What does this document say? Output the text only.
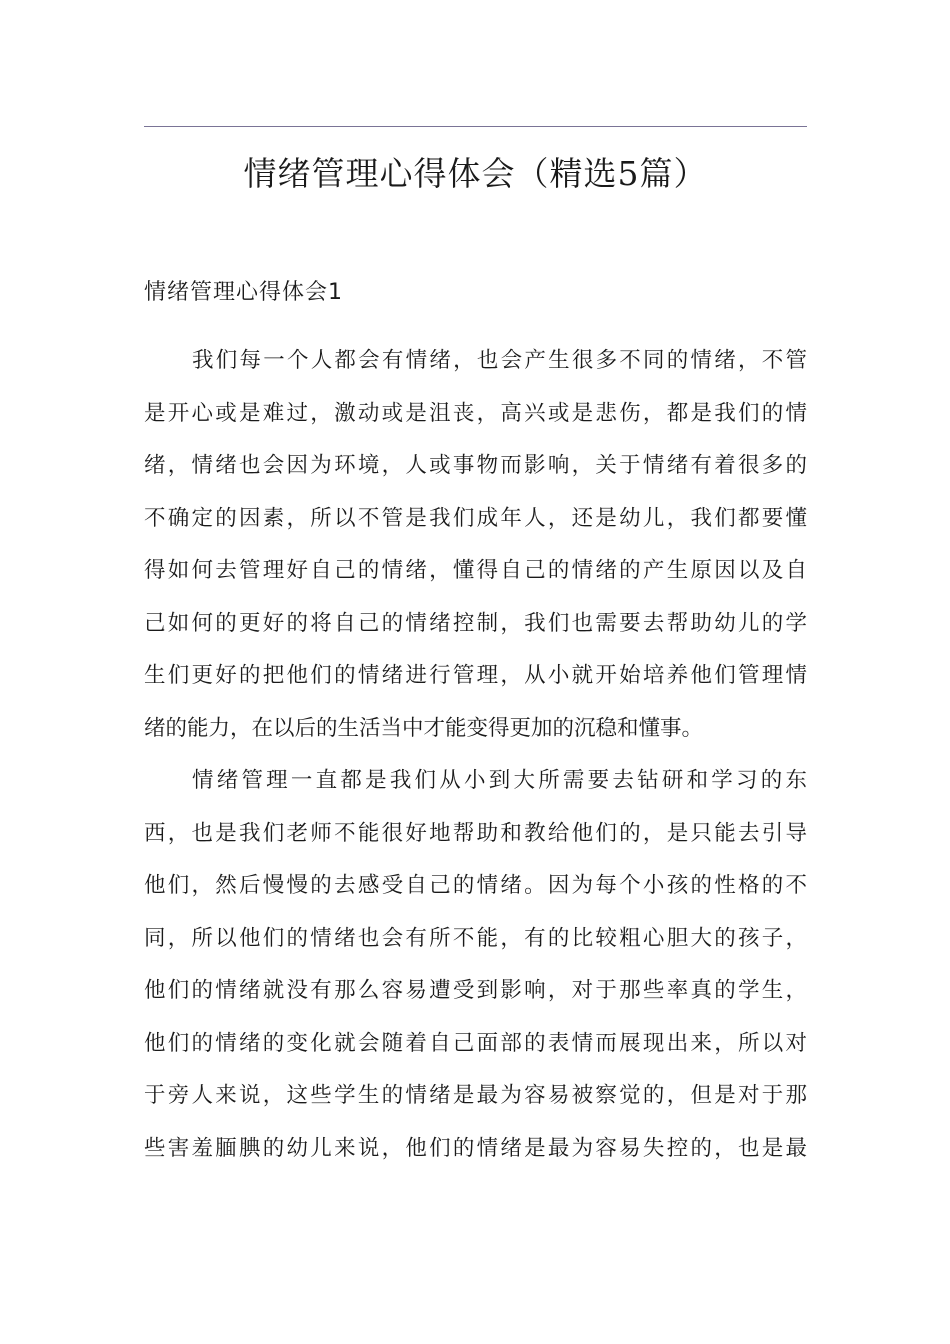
情绪管理心得体会（精选5篇）
情绪管理心得体会1
我们每一个人都会有情绪，也会产生很多不同的情绪，不管
是开心或是难过，激动或是沮丧，高兴或是悲伤，都是我们的情
绪，情绪也会因为环境，人或事物而影响，关于情绪有着很多的
不确定的因素，所以不管是我们成年人，还是幼儿，我们都要懂
得如何去管理好自己的情绪，懂得自己的情绪的产生原因以及自
己如何的更好的将自己的情绪控制，我们也需要去帮助幼儿的学
生们更好的把他们的情绪进行管理，从小就开始培养他们管理情
绪的能力，在以后的生活当中才能变得更加的沉稳和懂事。
情绪管理一直都是我们从小到大所需要去钻研和学习的东
西，也是我们老师不能很好地帮助和教给他们的，是只能去引导
他们，然后慢慢的去感受自己的情绪。因为每个小孩的性格的不
同，所以他们的情绪也会有所不能，有的比较粗心胆大的孩子，
他们的情绪就没有那么容易遭受到影响，对于那些率真的学生，
他们的情绪的变化就会随着自己面部的表情而展现出来，所以对
于旁人来说，这些学生的情绪是最为容易被察觉的，但是对于那
些害羞腼腆的幼儿来说，他们的情绪是最为容易失控的，也是最
